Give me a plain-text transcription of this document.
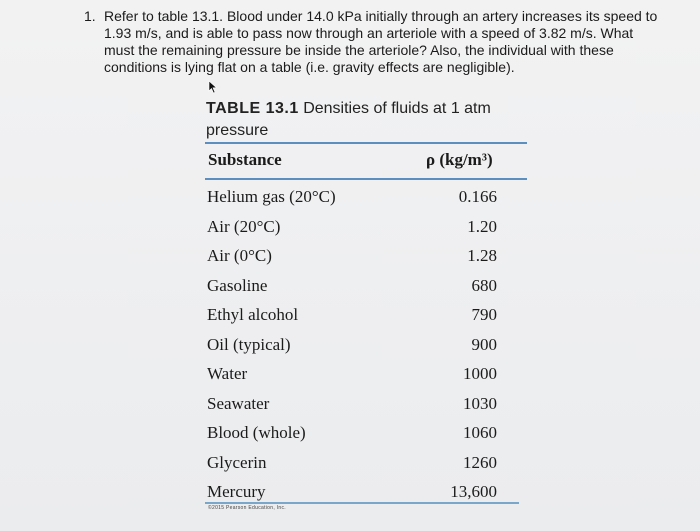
1. Refer to table 13.1. Blood under 14.0 kPa initially through an artery increases its speed to 1.93 m/s, and is able to pass now through an arteriole with a speed of 3.82 m/s. What must the remaining pressure be inside the arteriole? Also, the individual with these conditions is lying flat on a table (i.e. gravity effects are negligible).
TABLE 13.1 Densities of fluids at 1 atm pressure
Substance	ρ (kg/m³)
Helium gas (20°C)	0.166
Air (20°C)	1.20
Air (0°C)	1.28
Gasoline	680
Ethyl alcohol	790
Oil (typical)	900
Water	1000
Seawater	1030
Blood (whole)	1060
Glycerin	1260
Mercury	13,600
©2015 Pearson Education, Inc.
